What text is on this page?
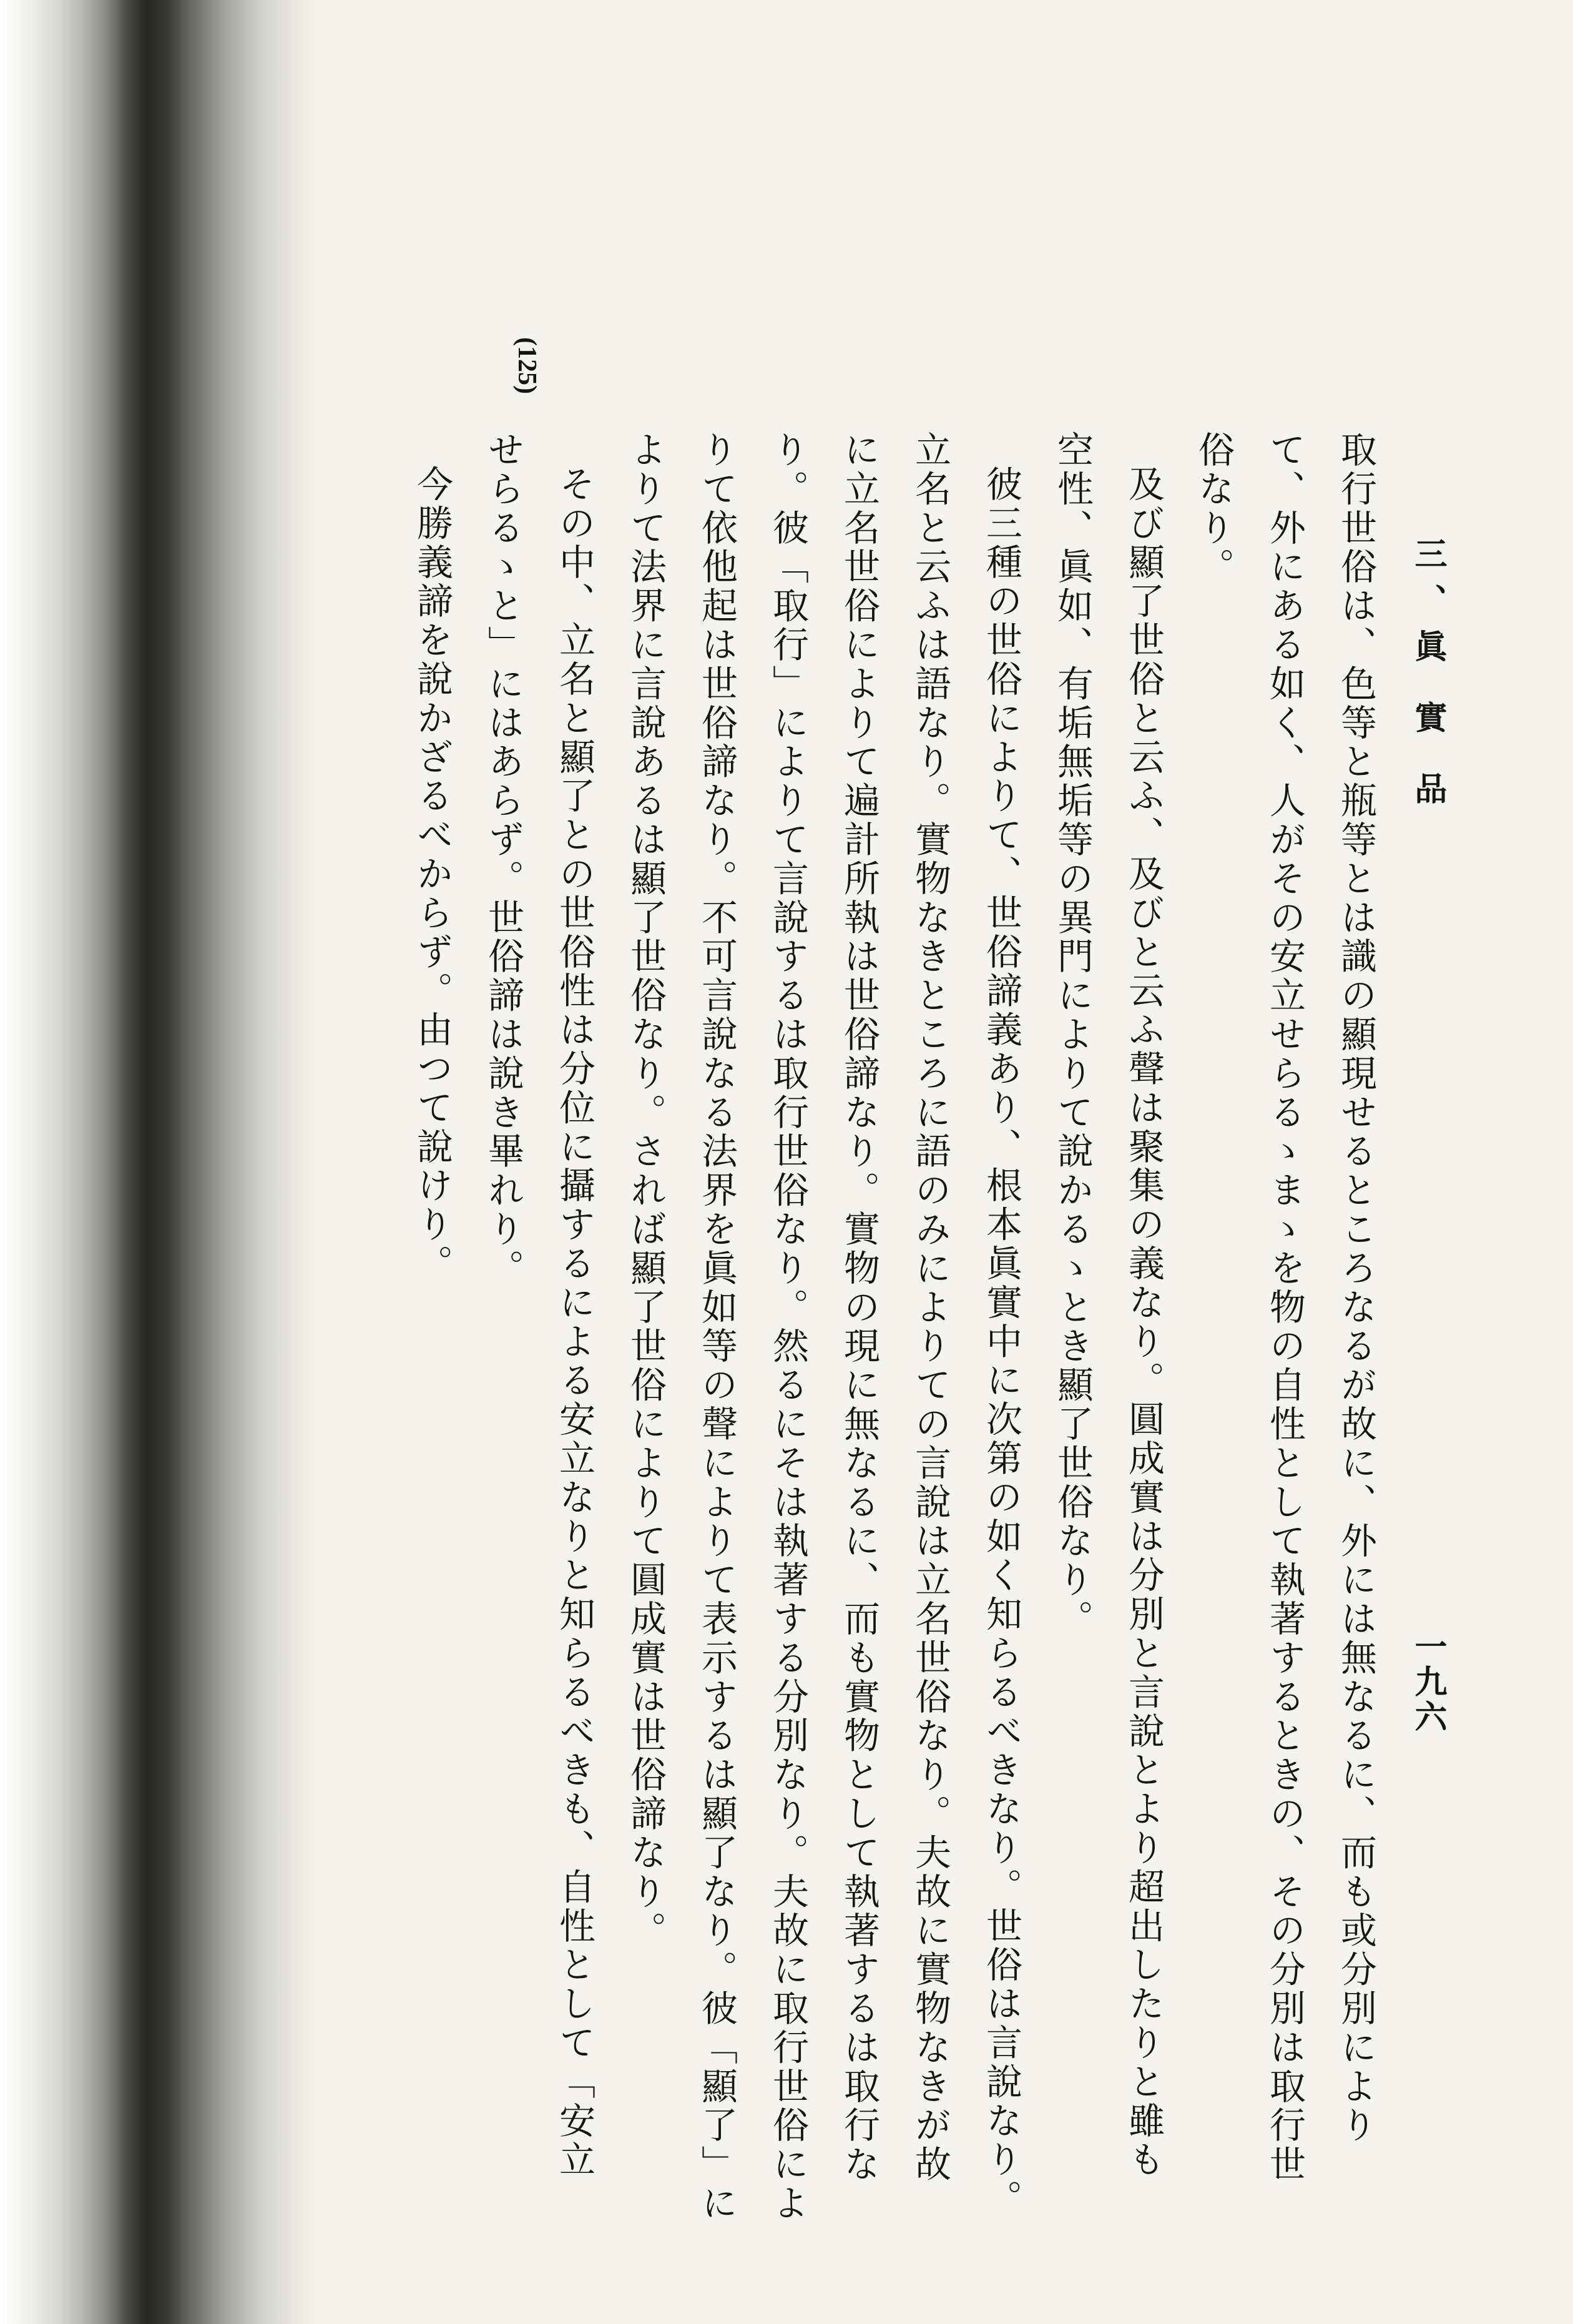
三、眞 實 品
一九六
(125)
取行世俗は、色等と瓶等とは識の顯現せるところなるが故に、外には無なるに、而も或分別により
て、外にある如く、人がその安立せらるゝまゝを物の自性として執著するときの、その分別は取行世
俗なり。
及び顯了世俗と云ふ、及びと云ふ聲は聚集の義なり。圓成實は分別と言說とより超出したりと雖も
空性、眞如、有垢無垢等の異門によりて說かるゝとき顯了世俗なり。
彼三種の世俗によりて、世俗諦義あり、根本眞實中に次第の如く知らるべきなり。世俗は言說なり。
立名と云ふは語なり。實物なきところに語のみによりての言說は立名世俗なり。夫故に實物なきが故
に立名世俗によりて遍計所執は世俗諦なり。實物の現に無なるに、而も實物として執著するは取行な
り。彼「取行」によりて言說するは取行世俗なり。然るにそは執著する分別なり。夫故に取行世俗によ
りて依他起は世俗諦なり。不可言說なる法界を眞如等の聲によりて表示するは顯了なり。彼「顯了」に
よりて法界に言說あるは顯了世俗なり。されば顯了世俗によりて圓成實は世俗諦なり。
その中、立名と顯了との世俗性は分位に攝するによる安立なりと知らるべきも、自性として「安立
せらるゝと」にはあらず。世俗諦は說き畢れり。
今勝義諦を說かざるべからず。由つて說けり。
